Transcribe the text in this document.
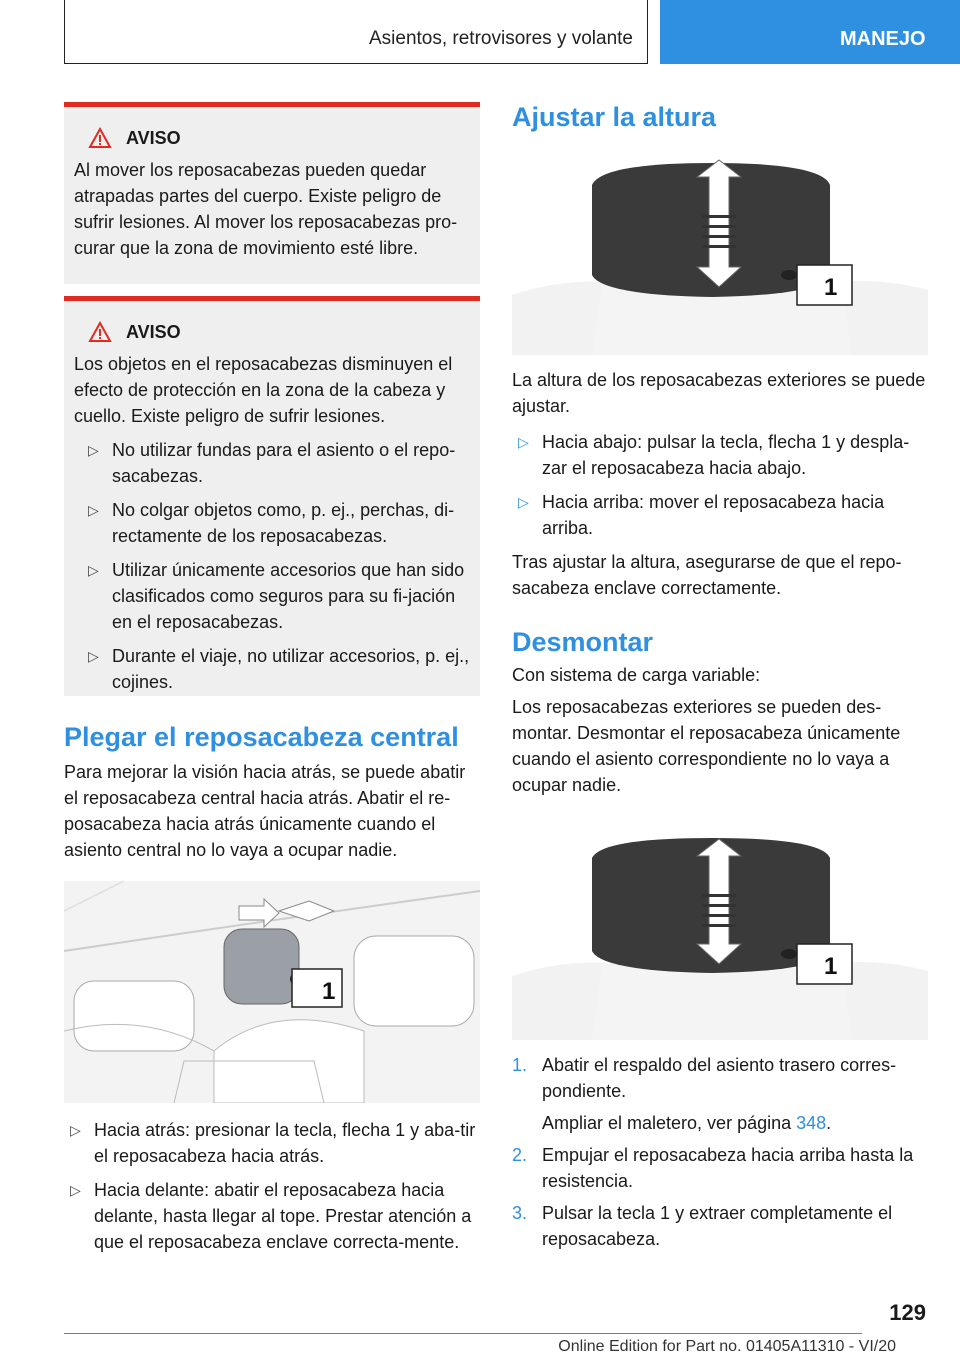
Asientos, retrovisores y volante	MANEJO
AVISO

Al mover los reposacabezas pueden quedar atrapadas partes del cuerpo. Existe peligro de sufrir lesiones. Al mover los reposacabezas pro-curar que la zona de movimiento esté libre.

AVISO

Los objetos en el reposacabezas disminuyen el efecto de protección en la zona de la cabeza y cuello. Existe peligro de sufrir lesiones.

▷ No utilizar fundas para el asiento o el repo-sacabezas.
▷ No colgar objetos como, p. ej., perchas, di-rectamente de los reposacabezas.
▷ Utilizar únicamente accesorios que han sido clasificados como seguros para su fi-jación en el reposacabezas.
▷ Durante el viaje, no utilizar accesorios, p. ej., cojines.
Plegar el reposacabeza central

Para mejorar la visión hacia atrás, se puede abatir el reposacabeza central hacia atrás. Abatir el re-posacabeza hacia atrás únicamente cuando el asiento central no lo vaya a ocupar nadie.

1
▷ Hacia atrás: presionar la tecla, flecha 1 y aba-tir el reposacabeza hacia atrás.
▷ Hacia delante: abatir el reposacabeza hacia delante, hasta llegar al tope. Prestar atención a que el reposacabeza enclave correcta-mente.
Ajustar la altura
1

La altura de los reposacabezas exteriores se puede ajustar.

▷ Hacia abajo: pulsar la tecla, flecha 1 y despla-zar el reposacabeza hacia abajo.
▷ Hacia arriba: mover el reposacabeza hacia arriba.

Tras ajustar la altura, asegurarse de que el repo-sacabeza enclave correctamente.

Desmontar

Con sistema de carga variable:

Los reposacabezas exteriores se pueden des-montar. Desmontar el reposacabeza únicamente cuando el asiento correspondiente no lo vaya a ocupar nadie.

1
1. Abatir el respaldo del asiento trasero corres-pondiente.
Ampliar el maletero, ver página 348.
2. Empujar el reposacabeza hacia arriba hasta la resistencia.
3. Pulsar la tecla 1 y extraer completamente el reposacabeza.
129
Online Edition for Part no. 01405A11310 - VI/20
